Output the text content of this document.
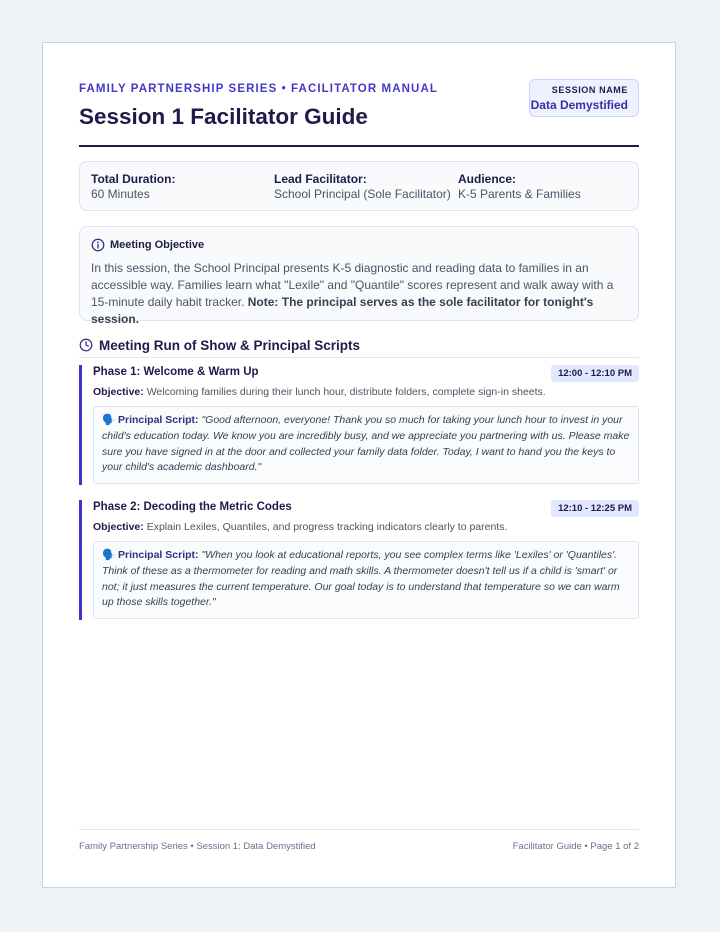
FAMILY PARTNERSHIP SERIES • FACILITATOR MANUAL
Session 1 Facilitator Guide
SESSION NAME
Data Demystified
Total Duration:
60 Minutes
Lead Facilitator:
School Principal (Sole Facilitator)
Audience:
K-5 Parents & Families
Meeting Objective
In this session, the School Principal presents K-5 diagnostic and reading data to families in an accessible way. Families learn what "Lexile" and "Quantile" scores represent and walk away with a 15-minute daily habit tracker. Note: The principal serves as the sole facilitator for tonight's session.
Meeting Run of Show & Principal Scripts
Phase 1: Welcome & Warm Up	12:00 - 12:10 PM
Objective: Welcoming families during their lunch hour, distribute folders, complete sign-in sheets.
🗣️ Principal Script: "Good afternoon, everyone! Thank you so much for taking your lunch hour to invest in your child's education today. We know you are incredibly busy, and we appreciate you partnering with us. Please make sure you have signed in at the door and collected your family data folder. Today, I want to hand you the keys to your child's academic dashboard."
Phase 2: Decoding the Metric Codes	12:10 - 12:25 PM
Objective: Explain Lexiles, Quantiles, and progress tracking indicators clearly to parents.
🗣️ Principal Script: "When you look at educational reports, you see complex terms like 'Lexiles' or 'Quantiles'. Think of these as a thermometer for reading and math skills. A thermometer doesn't tell us if a child is 'smart' or not; it just measures the current temperature. Our goal today is to understand that temperature so we can warm up those skills together."
Family Partnership Series • Session 1: Data Demystified	Facilitator Guide • Page 1 of 2
